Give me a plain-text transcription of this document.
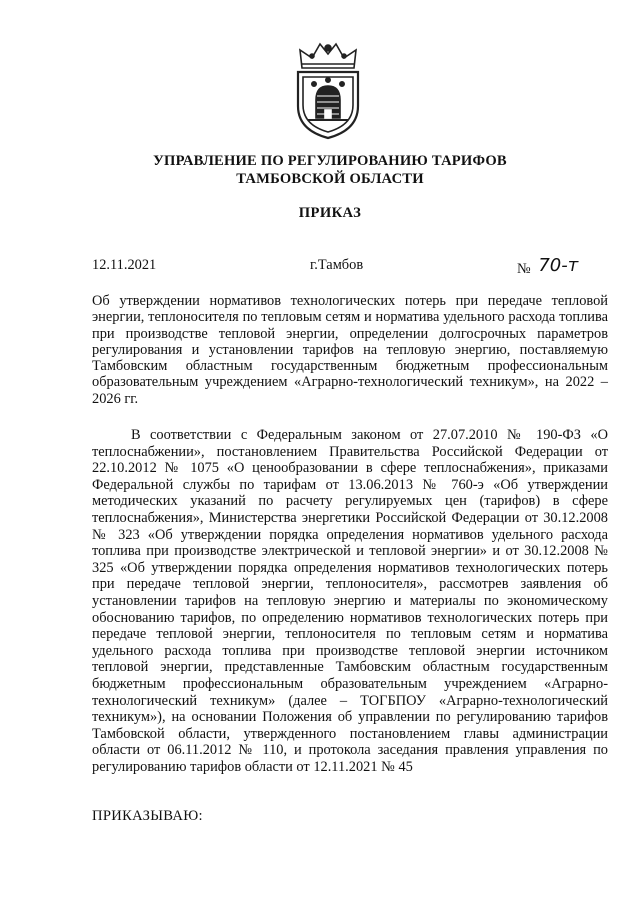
УПРАВЛЕНИЕ ПО РЕГУЛИРОВАНИЮ ТАРИФОВ
ТАМБОВСКОЙ ОБЛАСТИ
ПРИКАЗ
12.11.2021	г.Тамбов	№ 70-т
Об утверждении нормативов технологических потерь при передаче тепловой энергии, теплоносителя по тепловым сетям и норматива удельного расхода топлива при производстве тепловой энергии, определении долгосрочных параметров регулирования и установлении тарифов на тепловую энергию, поставляемую Тамбовским областным государственным бюджетным профессиональным образовательным учреждением «Аграрно-технологический техникум», на 2022 – 2026 гг.
В соответствии с Федеральным законом от 27.07.2010 № 190-ФЗ «О теплоснабжении», постановлением Правительства Российской Федерации от 22.10.2012 № 1075 «О ценообразовании в сфере теплоснабжения», приказами Федеральной службы по тарифам от 13.06.2013 № 760-э «Об утверждении методических указаний по расчету регулируемых цен (тарифов) в сфере теплоснабжения», Министерства энергетики Российской Федерации от 30.12.2008 № 323 «Об утверждении порядка определения нормативов удельного расхода топлива при производстве электрической и тепловой энергии» и от 30.12.2008 № 325 «Об утверждении порядка определения нормативов технологических потерь при передаче тепловой энергии, теплоносителя», рассмотрев заявления об установлении тарифов на тепловую энергию и материалы по экономическому обоснованию тарифов, по определению нормативов технологических потерь при передаче тепловой энергии, теплоносителя по тепловым сетям и норматива удельного расхода топлива при производстве тепловой энергии источником тепловой энергии, представленные Тамбовским областным государственным бюджетным профессиональным образовательным учреждением «Аграрно-технологический техникум» (далее – ТОГБПОУ «Аграрно-технологический техникум»), на основании Положения об управлении по регулированию тарифов Тамбовской области, утвержденного постановлением главы администрации области от 06.11.2012 № 110, и протокола заседания правления управления по регулированию тарифов области от 12.11.2021 № 45
ПРИКАЗЫВАЮ:
